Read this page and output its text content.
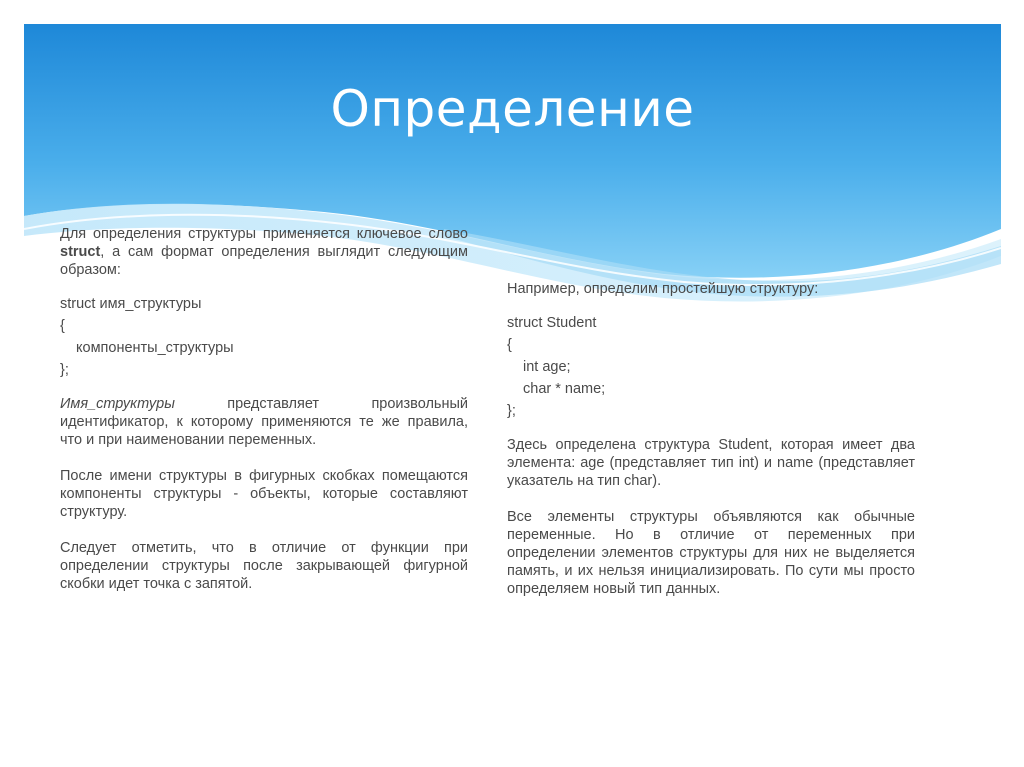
Определение

Для определения структуры применяется ключевое слово struct, а сам формат определения выглядит следующим образом:

struct имя_структуры

{

компоненты_структуры

};

Имя_структуры представляет произвольный идентификатор, к которому применяются те же правила, что и при наименовании переменных.

После имени структуры в фигурных скобках помещаются компоненты структуры - объекты, которые составляют структуру.

Следует отметить, что в отличие от функции при определении структуры после закрывающей фигурной скобки идет точка с запятой.

Например, определим простейшую структуру:

struct Student

{

int age;

char * name;

};

Здесь определена структура Student, которая имеет два элемента: age (представляет тип int) и name (представляет указатель на тип char).

Все элементы структуры объявляются как обычные переменные. Но в отличие от переменных при определении элементов структуры для них не выделяется память, и их нельзя инициализировать. По сути мы просто определяем новый тип данных.
